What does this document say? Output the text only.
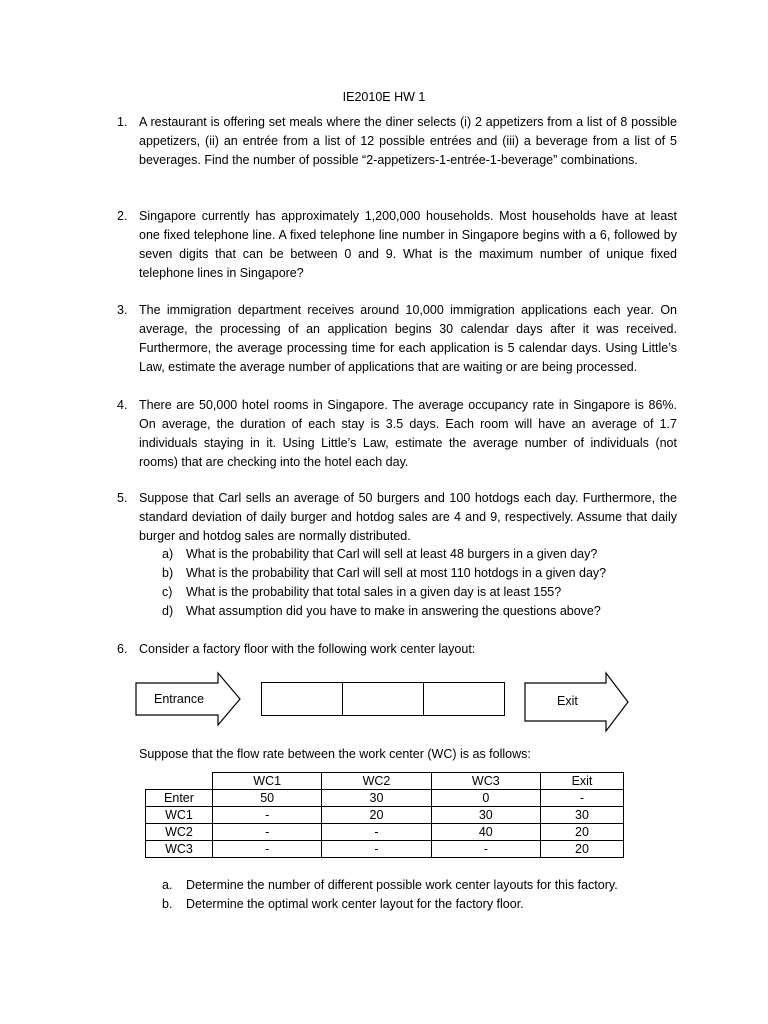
IE2010E HW 1
1. A restaurant is offering set meals where the diner selects (i) 2 appetizers from a list of 8 possible appetizers, (ii) an entrée from a list of 12 possible entrées and (iii) a beverage from a list of 5 beverages. Find the number of possible “2-appetizers-1-entrée-1-beverage” combinations.
2. Singapore currently has approximately 1,200,000 households. Most households have at least one fixed telephone line. A fixed telephone line number in Singapore begins with a 6, followed by seven digits that can be between 0 and 9. What is the maximum number of unique fixed telephone lines in Singapore?
3. The immigration department receives around 10,000 immigration applications each year. On average, the processing of an application begins 30 calendar days after it was received. Furthermore, the average processing time for each application is 5 calendar days. Using Little’s Law, estimate the average number of applications that are waiting or are being processed.
4. There are 50,000 hotel rooms in Singapore. The average occupancy rate in Singapore is 86%. On average, the duration of each stay is 3.5 days. Each room will have an average of 1.7 individuals staying in it. Using Little’s Law, estimate the average number of individuals (not rooms) that are checking into the hotel each day.
5. Suppose that Carl sells an average of 50 burgers and 100 hotdogs each day. Furthermore, the standard deviation of daily burger and hotdog sales are 4 and 9, respectively. Assume that daily burger and hotdog sales are normally distributed.
a) What is the probability that Carl will sell at least 48 burgers in a given day?
b) What is the probability that Carl will sell at most 110 hotdogs in a given day?
c) What is the probability that total sales in a given day is at least 155?
d) What assumption did you have to make in answering the questions above?
6. Consider a factory floor with the following work center layout:
Entrance	Exit
Suppose that the flow rate between the work center (WC) is as follows:
	WC1	WC2	WC3	Exit
Enter	50	30	0	-
WC1	-	20	30	30
WC2	-	-	40	20
WC3	-	-	-	20
a. Determine the number of different possible work center layouts for this factory.
b. Determine the optimal work center layout for the factory floor.
